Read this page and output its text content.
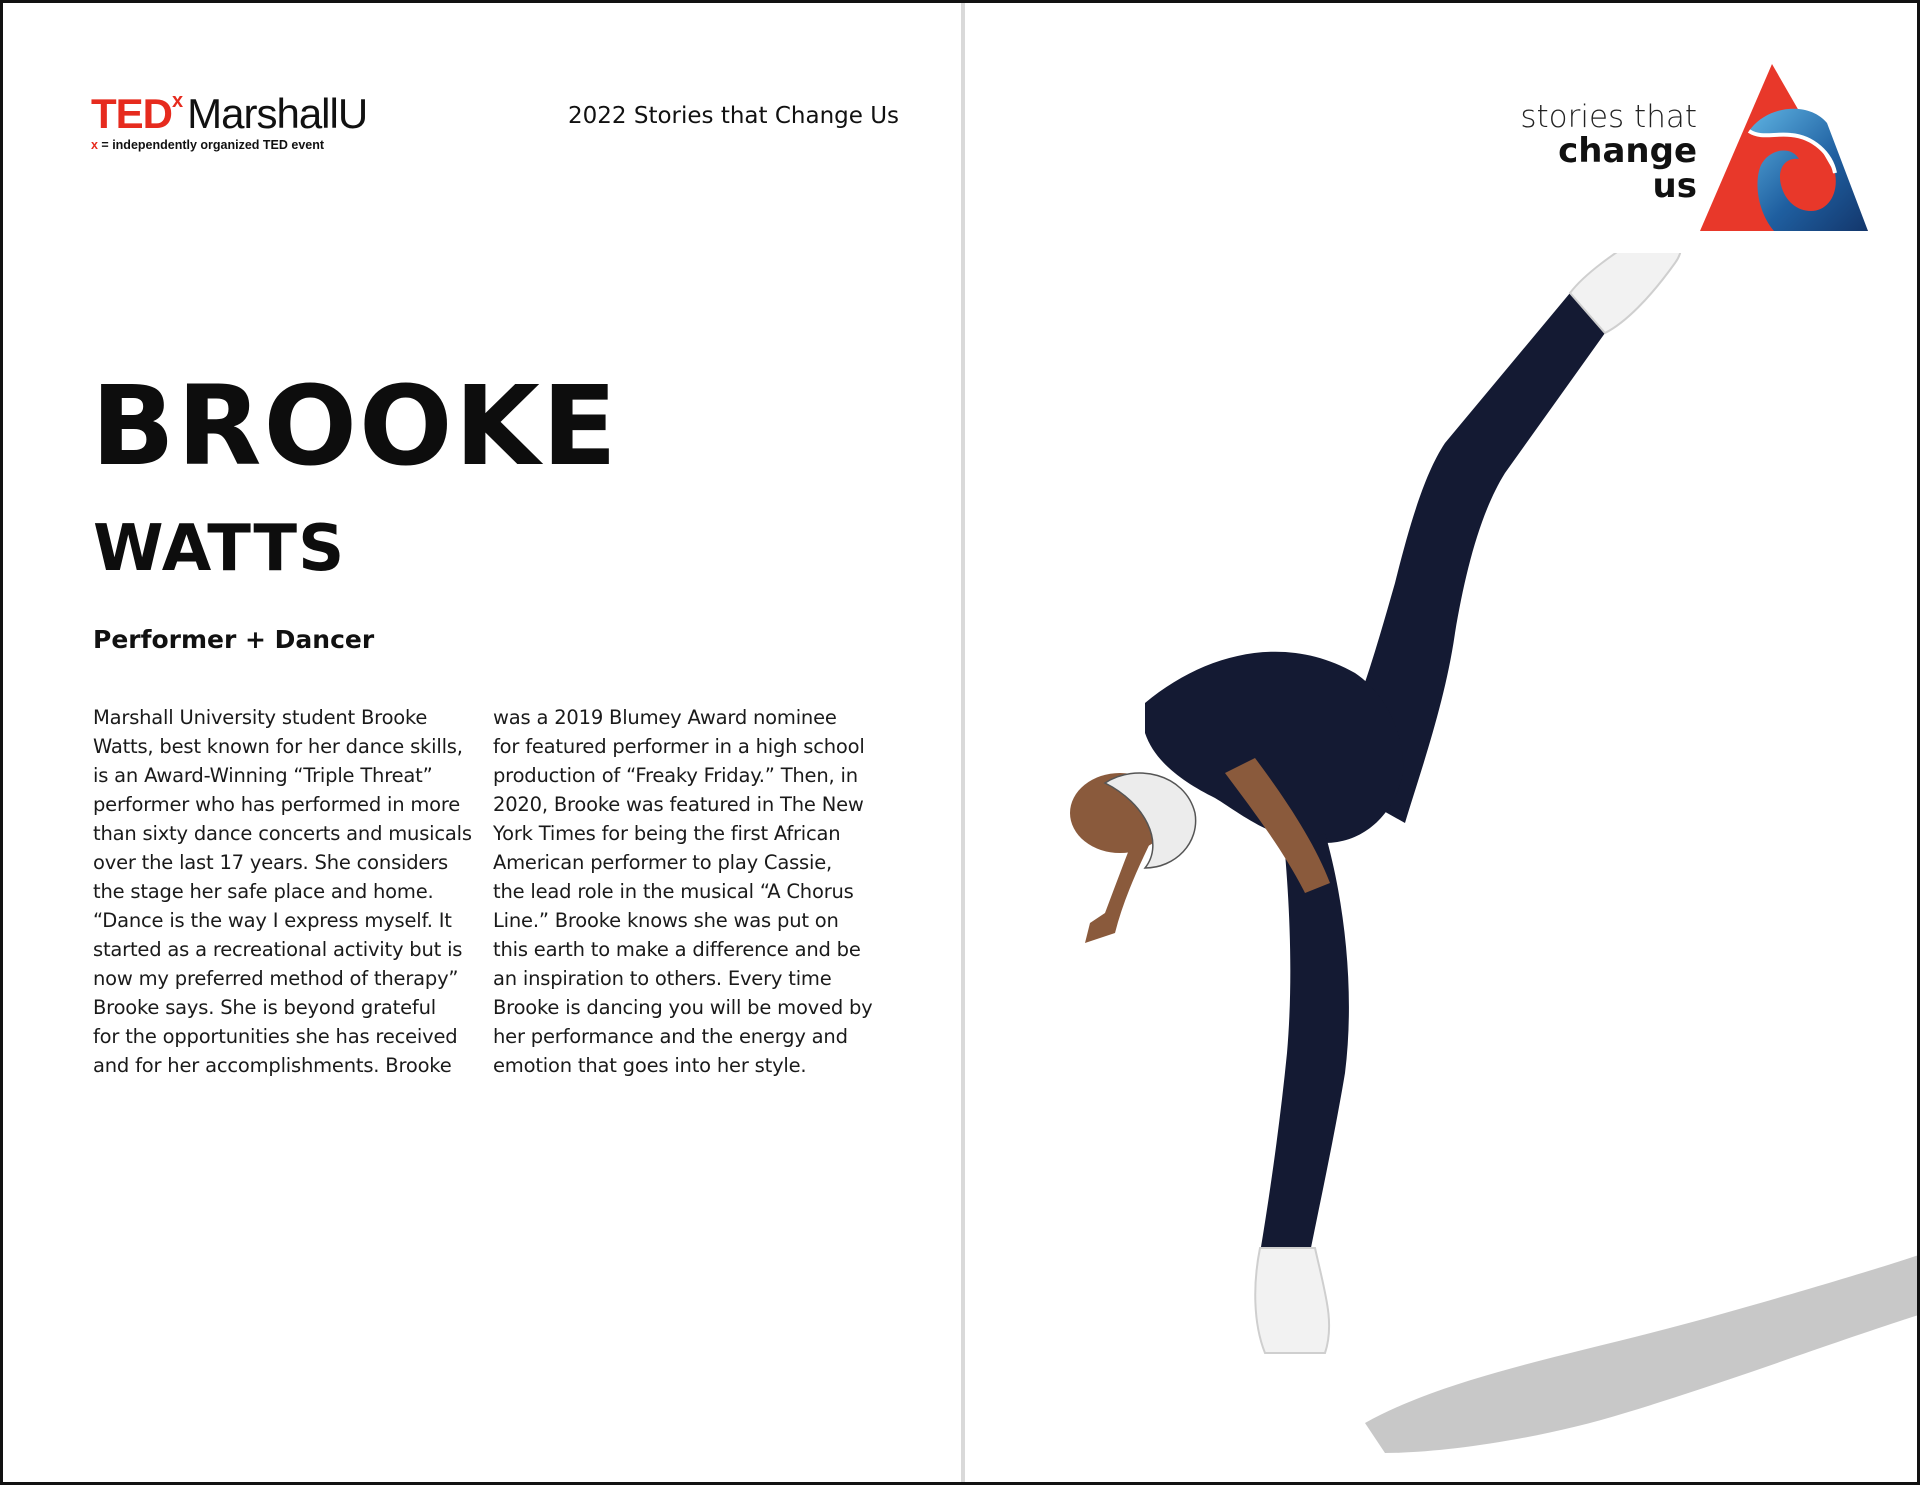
TED x MarshallU
x = independently organized TED event
2022 Stories that Change Us
BROOKE
WATTS
Performer + Dancer
Marshall University student Brooke
Watts, best known for her dance skills,
is an Award-Winning “Triple Threat”
performer who has performed in more
than sixty dance concerts and musicals
over the last 17 years. She considers
the stage her safe place and home.
“Dance is the way I express myself. It
started as a recreational activity but is
now my preferred method of therapy”
Brooke says. She is beyond grateful
for the opportunities she has received
and for her accomplishments. Brooke
was a 2019 Blumey Award nominee
for featured performer in a high school
production of “Freaky Friday.” Then, in
2020, Brooke was featured in The New
York Times for being the first African
American performer to play Cassie,
the lead role in the musical “A Chorus
Line.” Brooke knows she was put on
this earth to make a difference and be
an inspiration to others. Every time
Brooke is dancing you will be moved by
her performance and the energy and
emotion that goes into her style.
stories that
change us
